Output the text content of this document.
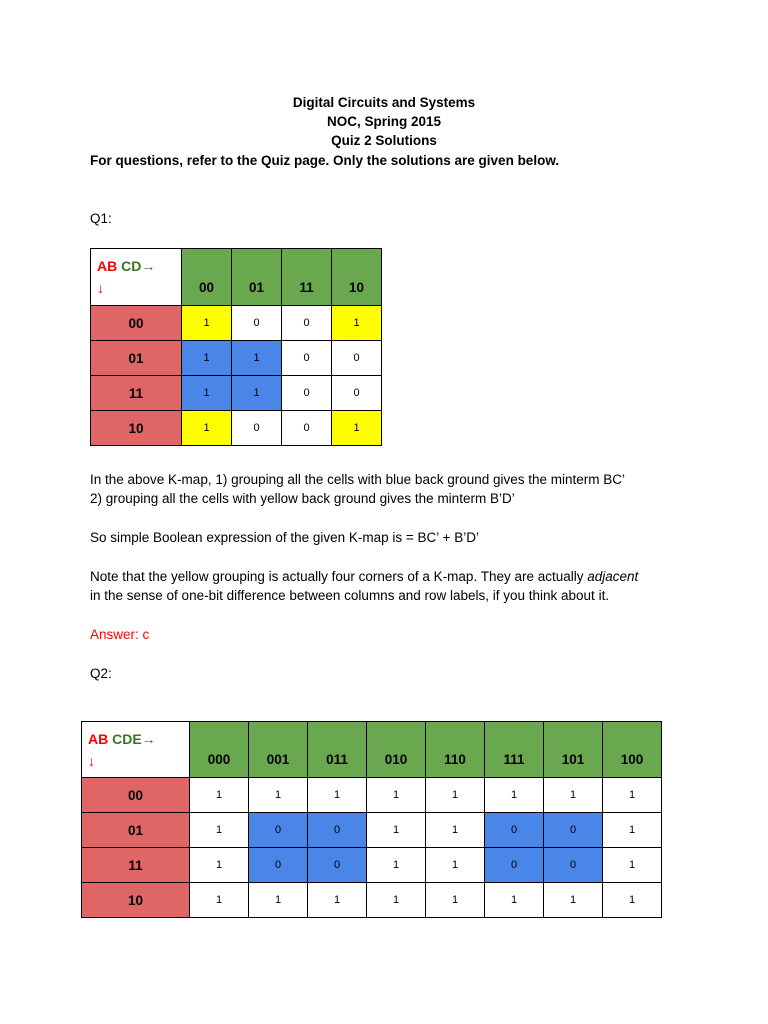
Digital Circuits and Systems
NOC, Spring 2015
Quiz 2 Solutions
For questions, refer to the Quiz page. Only the solutions are given below.
Q1:
AB CD→
↓	00	01	11	10
00	1	0	0	1
01	1	1	0	0
11	1	1	0	0
10	1	0	0	1
In the above K-map, 1) grouping all the cells with blue back ground gives the minterm BC’
2) grouping all the cells with yellow back ground gives the minterm B’D’
So simple Boolean expression of the given K-map is = BC’ + B’D’
Note that the yellow grouping is actually four corners of a K-map. They are actually adjacent
in the sense of one-bit difference between columns and row labels, if you think about it.
Answer: c
Q2:
AB CDE→
↓	000	001	011	010	110	111	101	100
00	1	1	1	1	1	1	1	1
01	1	0	0	1	1	0	0	1
11	1	0	0	1	1	0	0	1
10	1	1	1	1	1	1	1	1
